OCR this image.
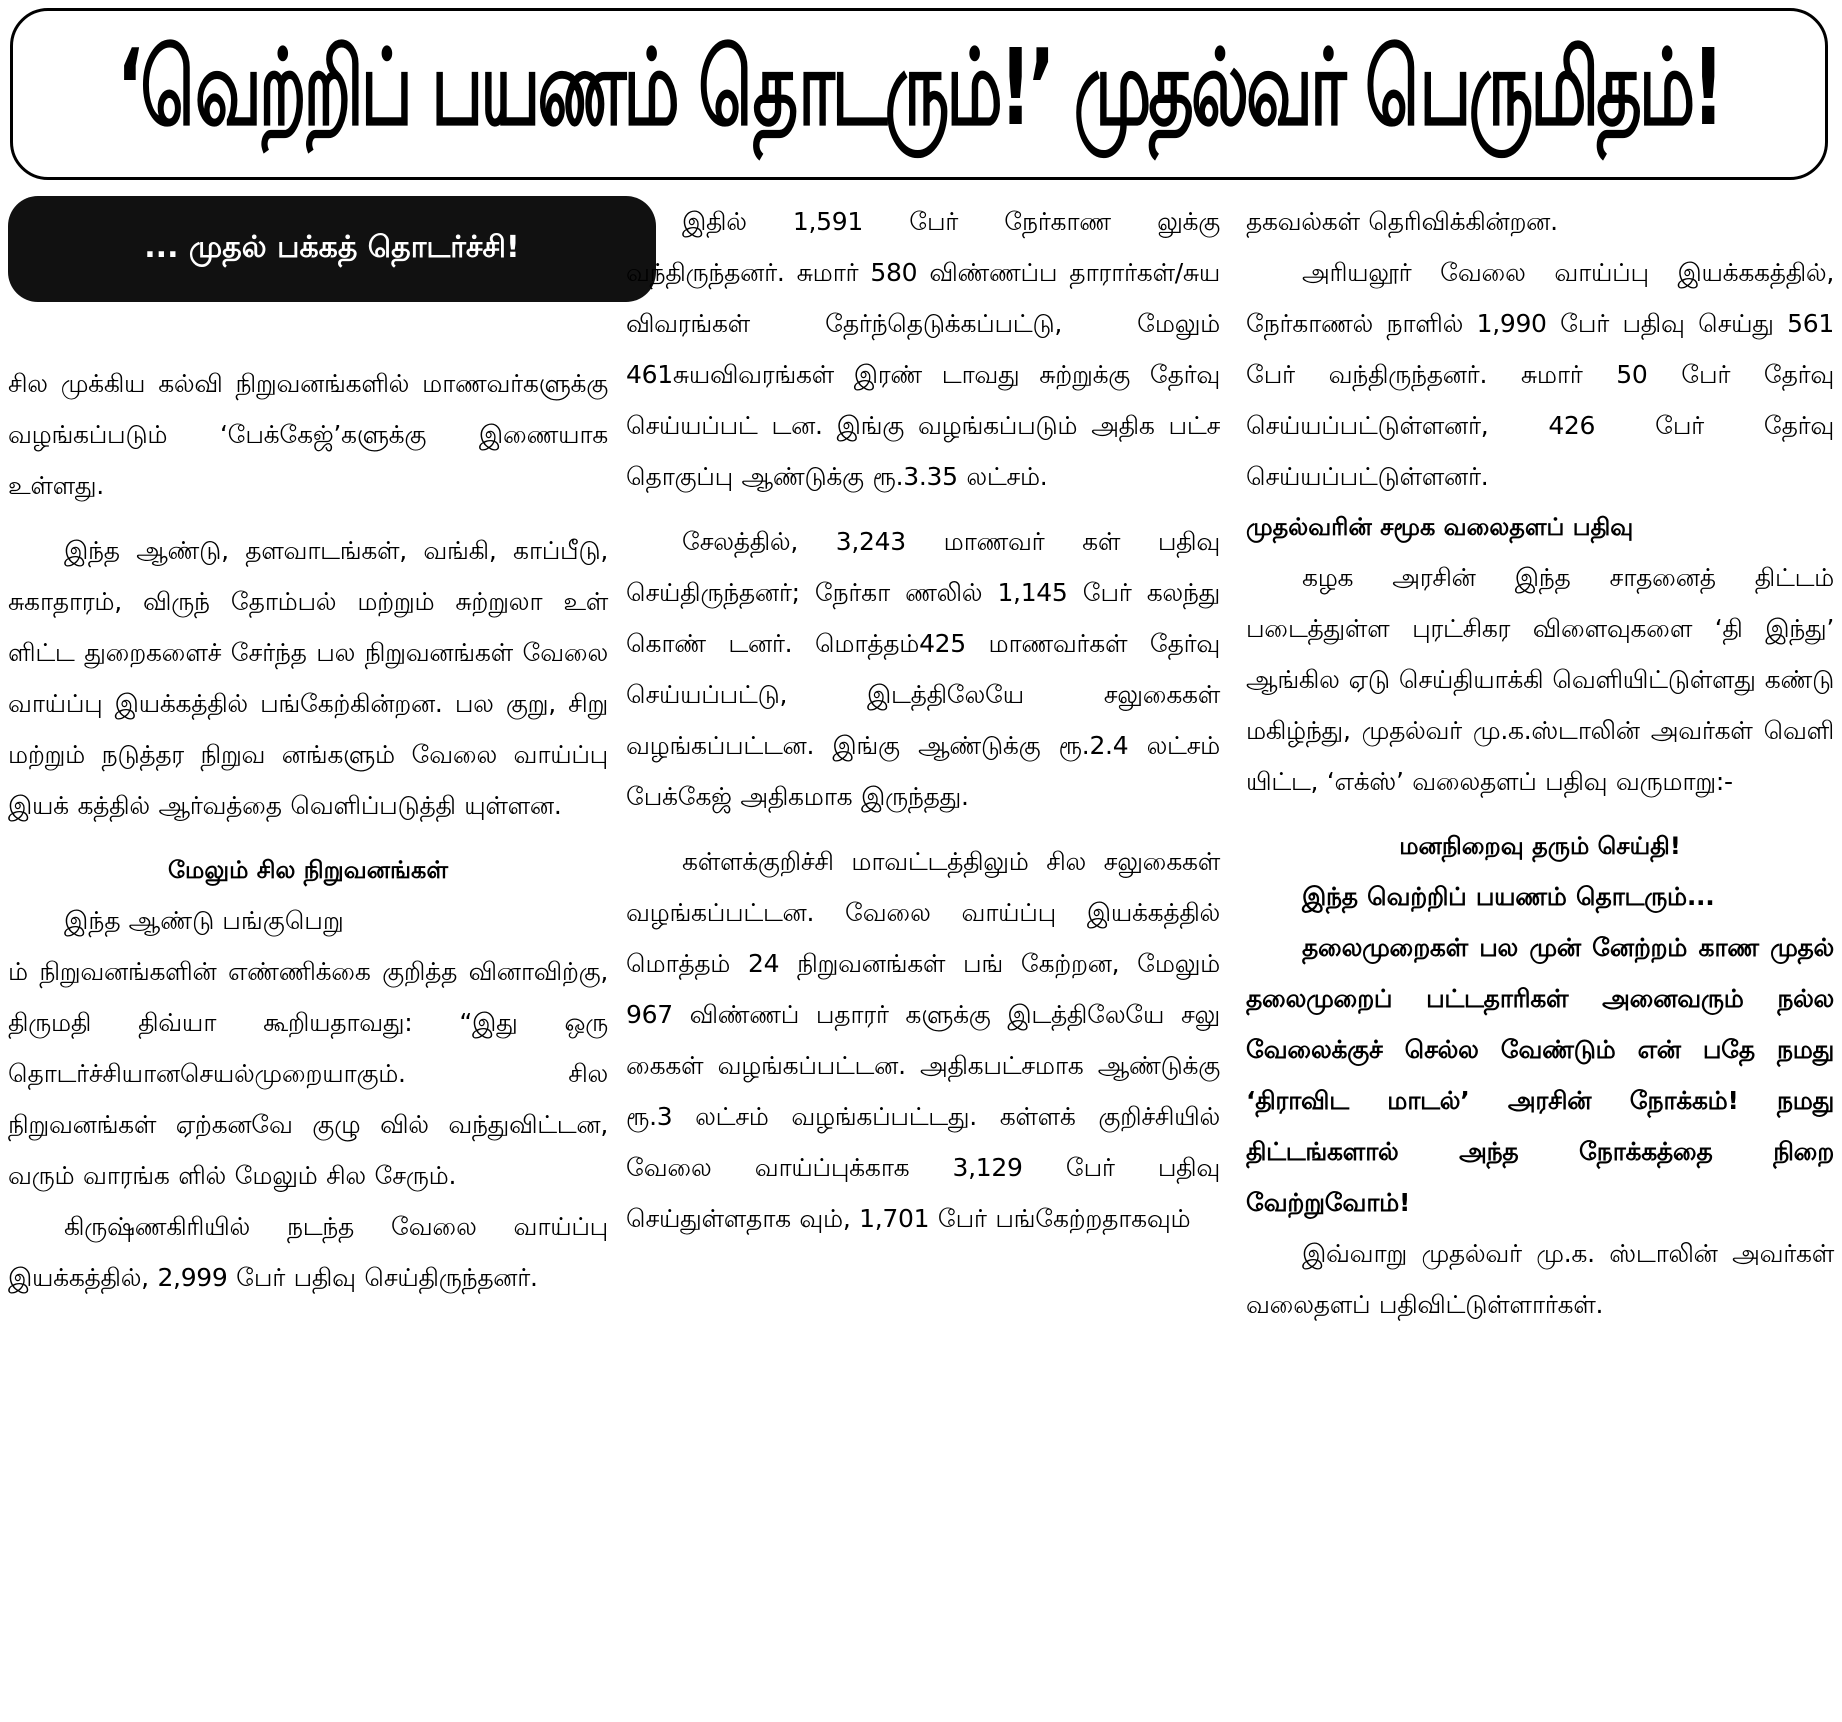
‘வெற்றிப் பயணம் தொடரும்!’ முதல்வர் பெருமிதம்!
... முதல் பக்கத் தொடர்ச்சி!

சில முக்கிய கல்வி நிறுவனங்களில் மாணவர்களுக்கு வழங்கப்படும் ‘பேக்கேஜ்’களுக்கு இணையாக உள்ளது.

இந்த ஆண்டு, தளவாடங்கள், வங்கி, காப்பீடு, சுகாதாரம், விருந் தோம்பல் மற்றும் சுற்றுலா உள் ளிட்ட துறைகளைச் சேர்ந்த பல நிறுவனங்கள் வேலை வாய்ப்பு இயக்கத்தில் பங்கேற்கின்றன. பல குறு, சிறு மற்றும் நடுத்தர நிறுவ னங்களும் வேலை வாய்ப்பு இயக் கத்தில் ஆர்வத்தை வெளிப்படுத்தி யுள்ளன.

மேலும் சில நிறுவனங்கள்
இந்த ஆண்டு பங்குபெறு

ம் நிறுவனங்களின் எண்ணிக்கை குறித்த வினாவிற்கு, திருமதி திவ்யா கூறியதாவது: “இது ஒரு தொடர்ச்சியானசெயல்முறையாகும். சில நிறுவனங்கள் ஏற்கனவே குழு வில் வந்துவிட்டன, வரும் வாரங்க ளில் மேலும் சில சேரும்.

கிருஷ்ணகிரியில் நடந்த வேலை வாய்ப்பு இயக்கத்தில், 2,999 பேர் பதிவு செய்திருந்தனர்.

இதில் 1,591 பேர் நேர்காண லுக்கு வந்திருந்தனர். சுமார் 580 விண்ணப்ப தாரார்கள்/சுய விவரங்கள் தேர்ந்தெடுக்கப்பட்டு, மேலும் 461சுயவிவரங்கள் இரண் டாவது சுற்றுக்கு தேர்வு செய்யப்பட் டன. இங்கு வழங்கப்படும் அதிக பட்ச தொகுப்பு ஆண்டுக்கு ரூ.3.35 லட்சம்.

சேலத்தில், 3,243 மாணவர் கள் பதிவு செய்திருந்தனர்; நேர்கா ணலில் 1,145 பேர் கலந்து கொண் டனர். மொத்தம்425 மாணவர்கள் தேர்வு செய்யப்பட்டு, இடத்திலேயே சலுகைகள் வழங்கப்பட்டன. இங்கு ஆண்டுக்கு ரூ.2.4 லட்சம் பேக்கேஜ் அதிகமாக இருந்தது.

கள்ளக்குறிச்சி மாவட்டத்திலும் சில சலுகைகள் வழங்கப்பட்டன. வேலை வாய்ப்பு இயக்கத்தில் மொத்தம் 24 நிறுவனங்கள் பங் கேற்றன, மேலும் 967 விண்ணப் பதாரர் களுக்கு இடத்திலேயே சலு கைகள் வழங்கப்பட்டன. அதிகபட்சமாக ஆண்டுக்கு ரூ.3 லட்சம் வழங்கப்பட்டது. கள்ளக் குறிச்சியில் வேலை வாய்ப்புக்காக 3,129 பேர் பதிவு செய்துள்ளதாக வும், 1,701 பேர் பங்கேற்றதாகவும்

தகவல்கள் தெரிவிக்கின்றன.

அரியலூர் வேலை வாய்ப்பு இயக்ககத்தில், நேர்காணல் நாளில் 1,990 பேர் பதிவு செய்து 561 பேர் வந்திருந்தனர். சுமார் 50 பேர் தேர்வு செய்யப்பட்டுள்ளனர், 426 பேர் தேர்வு செய்யப்பட்டுள்ளனர்.

முதல்வரின் சமூக வலைதளப் பதிவு

கழக அரசின் இந்த சாதனைத் திட்டம் படைத்துள்ள புரட்சிகர விளைவுகளை ‘தி இந்து’ ஆங்கில ஏடு செய்தியாக்கி வெளியிட்டுள்ளது கண்டு மகிழ்ந்து, முதல்வர் மு.க.ஸ்டாலின் அவர்கள் வெளி யிட்ட, ‘எக்ஸ்’ வலைதளப் பதிவு வருமாறு:-

மனநிறைவு தரும் செய்தி!

இந்த வெற்றிப் பயணம் தொடரும்...

தலைமுறைகள் பல முன் னேற்றம் காண முதல் தலைமுறைப் பட்டதாரிகள் அனைவரும் நல்ல வேலைக்குச் செல்ல வேண்டும் என் பதே நமது ‘திராவிட மாடல்’ அரசின் நோக்கம்! நமது திட்டங்களால் அந்த நோக்கத்தை நிறை வேற்றுவோம்!

இவ்வாறு முதல்வர் மு.க. ஸ்டாலின் அவர்கள் வலைதளப் பதிவிட்டுள்ளார்கள்.
